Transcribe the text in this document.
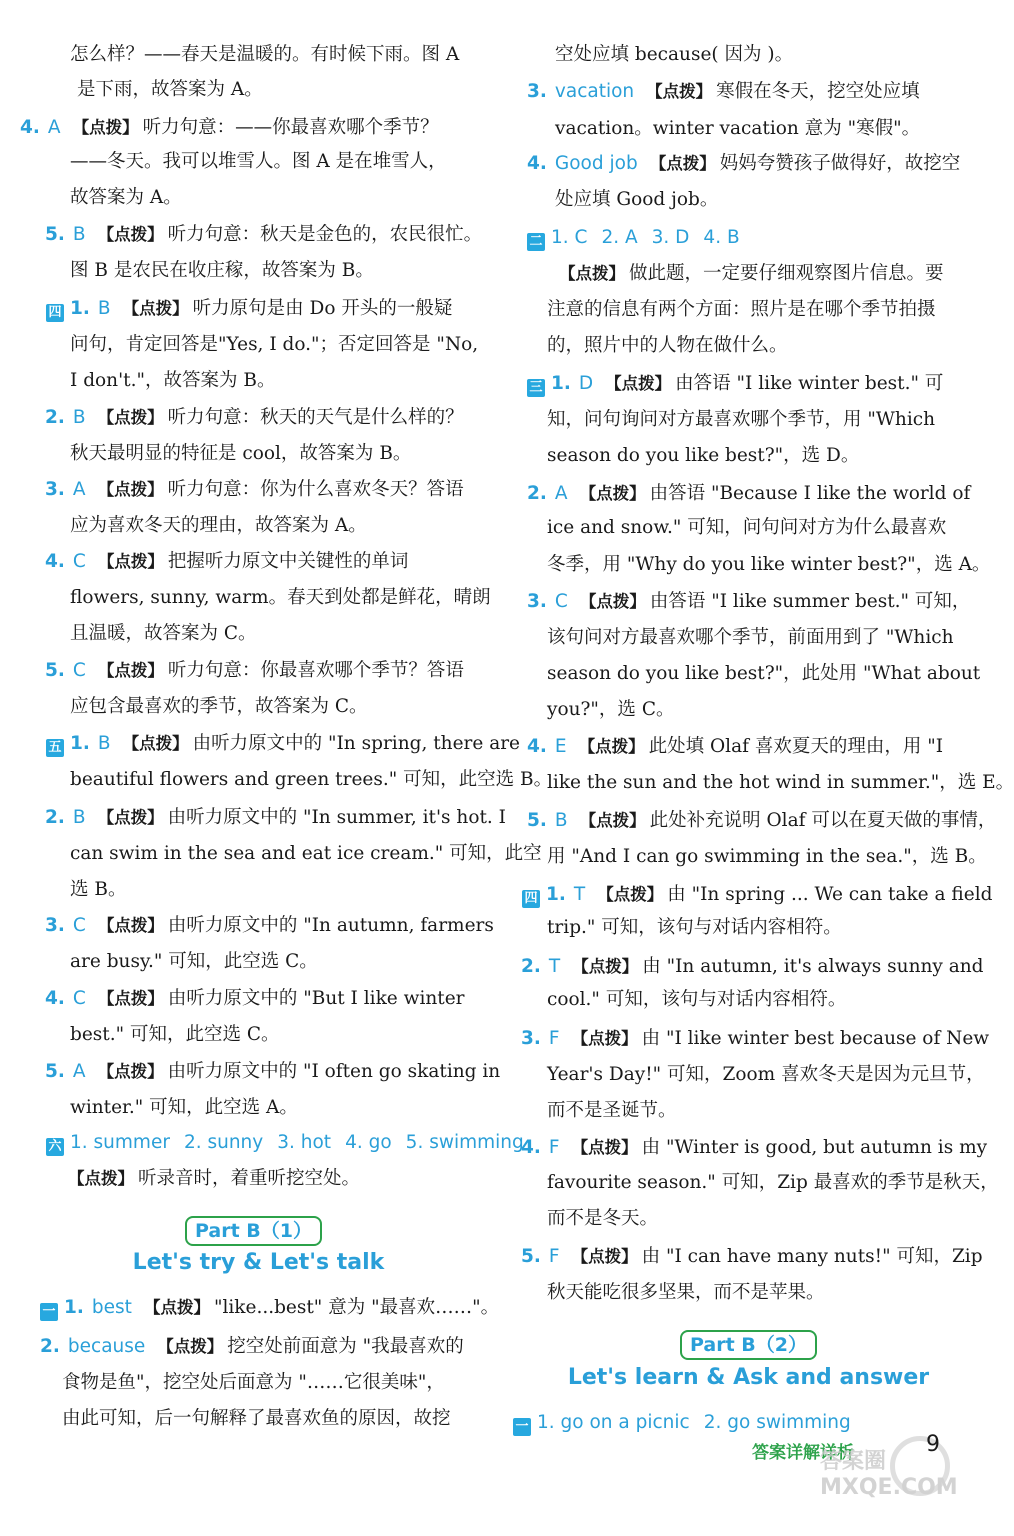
怎么样？——春天是温暖的。有时候下雨。图 A
是下雨，故答案为 A。
4. A 【点拨】 听力句意：——你最喜欢哪个季节？
——冬天。我可以堆雪人。图 A 是在堆雪人，
故答案为 A。
5. B 【点拨】 听力句意：秋天是金色的，农民很忙。
图 B 是农民在收庄稼，故答案为 B。
四 1. B 【点拨】 听力原句是由 Do 开头的一般疑
问句，肯定回答是"Yes, I do."；否定回答是 "No,
I don't."，故答案为 B。
2. B 【点拨】 听力句意：秋天的天气是什么样的？
秋天最明显的特征是 cool，故答案为 B。
3. A 【点拨】 听力句意：你为什么喜欢冬天？答语
应为喜欢冬天的理由，故答案为 A。
4. C 【点拨】 把握听力原文中关键性的单词
flowers, sunny, warm。春天到处都是鲜花，晴朗
且温暖，故答案为 C。
5. C 【点拨】 听力句意：你最喜欢哪个季节？答语
应包含最喜欢的季节，故答案为 C。
五 1. B 【点拨】 由听力原文中的 "In spring, there are
beautiful flowers and green trees." 可知，此空选 B。
2. B 【点拨】 由听力原文中的 "In summer, it's hot. I
can swim in the sea and eat ice cream." 可知，此空
选 B。
3. C 【点拨】 由听力原文中的 "In autumn, farmers
are busy." 可知，此空选 C。
4. C 【点拨】 由听力原文中的 "But I like winter
best." 可知，此空选 C。
5. A 【点拨】 由听力原文中的 "I often go skating in
winter." 可知，此空选 A。
六 1. summer 2. sunny 3. hot 4. go 5. swimming
【点拨】 听录音时，着重听挖空处。
Part B（1）
Let's try & Let's talk
一 1. best 【点拨】 "like...best" 意为 "最喜欢……"。
2. because 【点拨】 挖空处前面意为 "我最喜欢的
食物是鱼"，挖空处后面意为 "……它很美味"，
由此可知，后一句解释了最喜欢鱼的原因，故挖
空处应填 because( 因为 )。
3. vacation 【点拨】 寒假在冬天，挖空处应填
vacation。winter vacation 意为 "寒假"。
4. Good job 【点拨】 妈妈夸赞孩子做得好，故挖空
处应填 Good job。
二 1. C 2. A 3. D 4. B
【点拨】 做此题，一定要仔细观察图片信息。要
注意的信息有两个方面：照片是在哪个季节拍摄
的，照片中的人物在做什么。
三 1. D 【点拨】 由答语 "I like winter best." 可
知，问句询问对方最喜欢哪个季节，用 "Which
season do you like best?"，选 D。
2. A 【点拨】 由答语 "Because I like the world of
ice and snow." 可知，问句问对方为什么最喜欢
冬季，用 "Why do you like winter best?"，选 A。
3. C 【点拨】 由答语 "I like summer best." 可知，
该句问对方最喜欢哪个季节，前面用到了 "Which
season do you like best?"，此处用 "What about
you?"，选 C。
4. E 【点拨】 此处填 Olaf 喜欢夏天的理由，用 "I
like the sun and the hot wind in summer."，选 E。
5. B 【点拨】 此处补充说明 Olaf 可以在夏天做的事情，
用 "And I can go swimming in the sea."，选 B。
四 1. T 【点拨】 由 "In spring ... We can take a field
trip." 可知，该句与对话内容相符。
2. T 【点拨】 由 "In autumn, it's always sunny and
cool." 可知，该句与对话内容相符。
3. F 【点拨】 由 "I like winter best because of New
Year's Day!" 可知，Zoom 喜欢冬天是因为元旦节，
而不是圣诞节。
4. F 【点拨】 由 "Winter is good, but autumn is my
favourite season." 可知，Zip 最喜欢的季节是秋天，
而不是冬天。
5. F 【点拨】 由 "I can have many nuts!" 可知，Zip
秋天能吃很多坚果，而不是苹果。
Part B（2）
Let's learn & Ask and answer
一 1. go on a picnic 2. go swimming
答案详解详析
答案圈 MXQE.COM
9
